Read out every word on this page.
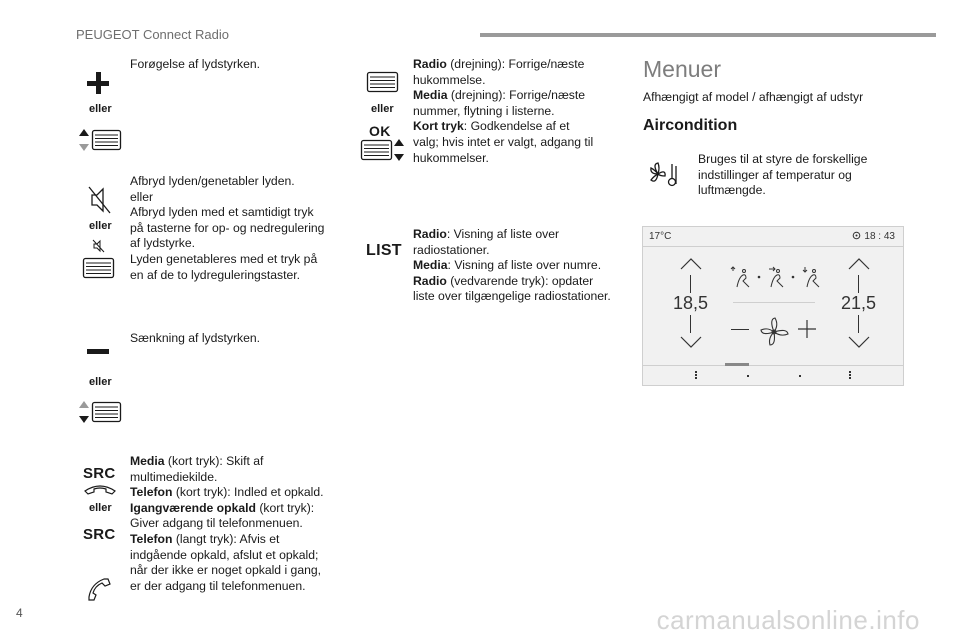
PEUGEOT Connect Radio
eller
Forøgelse af lydstyrken.
eller
Afbryd lyden/genetabler lyden.
eller
Afbryd lyden med et samtidigt tryk
på tasterne for op- og nedregulering
af lydstyrke.
Lyden genetableres med et tryk på
en af de to lydreguleringstaster.
eller
Sænkning af lydstyrken.
SRC
eller
SRC
Media (kort tryk): Skift af
multimediekilde.
Telefon (kort tryk): Indled et opkald.
Igangværende opkald (kort tryk):
Giver adgang til telefonmenuen.
Telefon (langt tryk): Afvis et
indgående opkald, afslut et opkald;
når der ikke er noget opkald i gang,
er der adgang til telefonmenuen.
eller
OK
Radio (drejning): Forrige/næste
hukommelse.
Media (drejning): Forrige/næste
nummer, flytning i listerne.
Kort tryk: Godkendelse af et
valg; hvis intet er valgt, adgang til
hukommelser.
LIST
Radio: Visning af liste over
radiostationer.
Media: Visning af liste over numre.
Radio (vedvarende tryk): opdater
liste over tilgængelige radiostationer.
Menuer
Afhængigt af model / afhængigt af udstyr
Aircondition
Bruges til at styre de forskellige
indstillinger af temperatur og
luftmængde.
17°C	18 : 43
18,5	21,5
4	carmanualsonline.info
